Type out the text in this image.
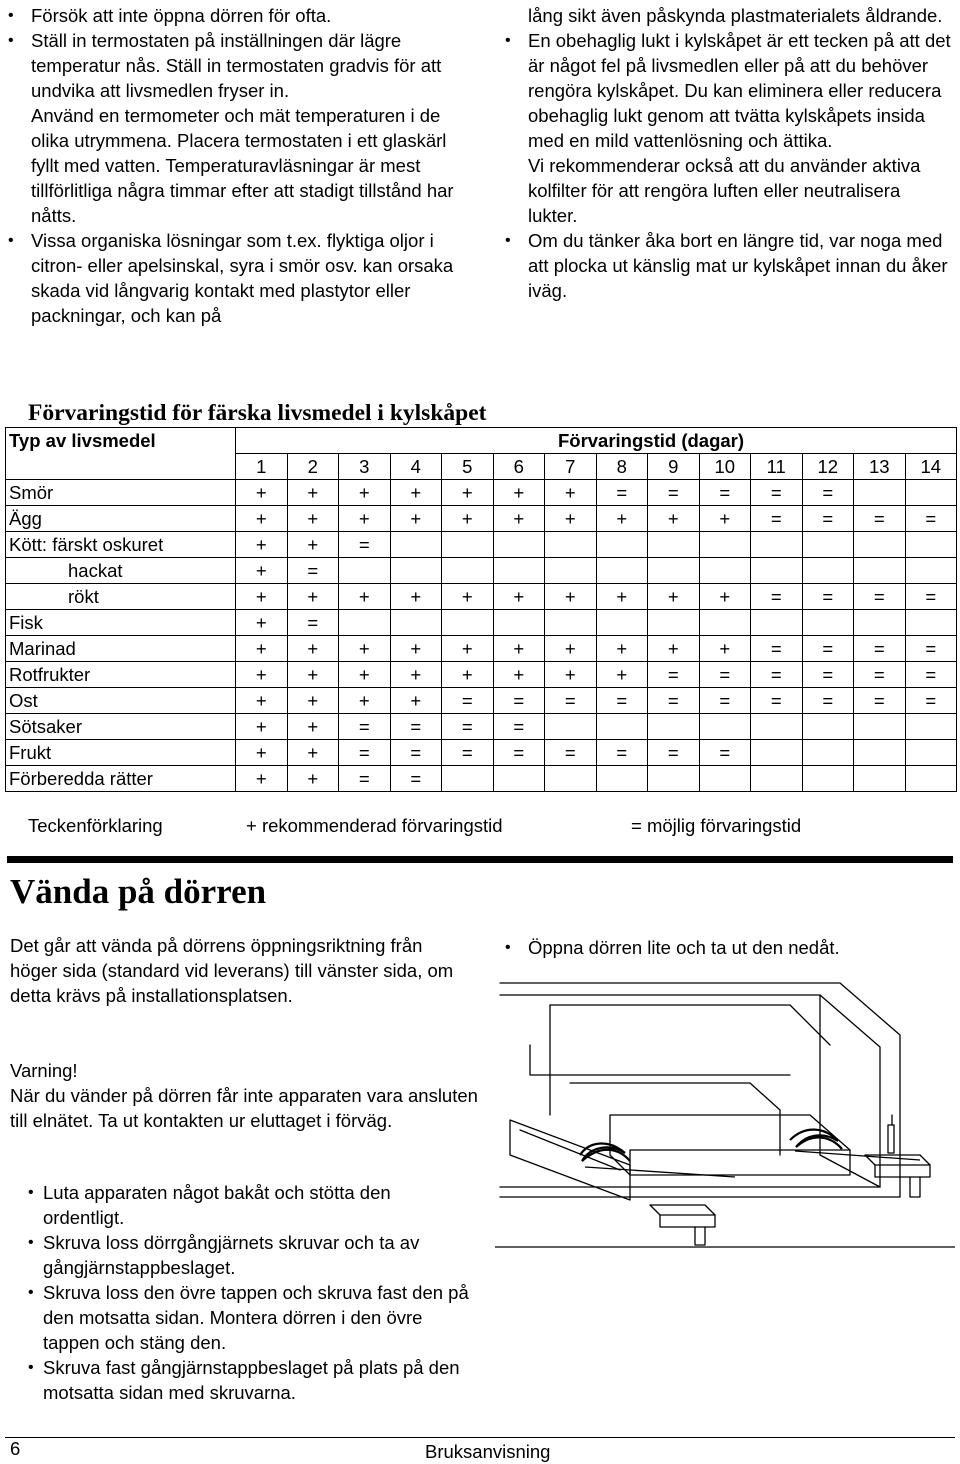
• Försök att inte öppna dörren för ofta.
• Ställ in termostaten på inställningen där lägre temperatur nås. Ställ in termostaten gradvis för att undvika att livsmedlen fryser in.
Använd en termometer och mät temperaturen i de olika utrymmena. Placera termostaten i ett glaskärl fyllt med vatten. Temperaturavläsningar är mest tillförlitliga några timmar efter att stadigt tillstånd har nåtts.
• Vissa organiska lösningar som t.ex. flyktiga oljor i citron- eller apelsinskal, syra i smör osv. kan orsaka skada vid långvarig kontakt med plastytor eller packningar, och kan på
lång sikt även påskynda plastmaterialets åldrande.
• En obehaglig lukt i kylskåpet är ett tecken på att det är något fel på livsmedlen eller på att du behöver rengöra kylskåpet. Du kan eliminera eller reducera obehaglig lukt genom att tvätta kylskåpets insida med en mild vattenlösning och ättika.
Vi rekommenderar också att du använder aktiva kolfilter för att rengöra luften eller neutralisera lukter.
• Om du tänker åka bort en längre tid, var noga med att plocka ut känslig mat ur kylskåpet innan du åker iväg.
Förvaringstid för färska livsmedel i kylskåpet
Typ av livsmedel	Förvaringstid (dagar)													
	1	2	3	4	5	6	7	8	9	10	11	12	13	14
Smör	+	+	+	+	+	+	+	=	=	=	=	=		
Ägg	+	+	+	+	+	+	+	+	+	+	=	=	=	=
Kött: färskt oskuret	+	+	=											
hackat	+	=												
rökt	+	+	+	+	+	+	+	+	+	+	=	=	=	=
Fisk	+	=												
Marinad	+	+	+	+	+	+	+	+	+	+	=	=	=	=
Rotfrukter	+	+	+	+	+	+	+	+	=	=	=	=	=	=
Ost	+	+	+	+	=	=	=	=	=	=	=	=	=	=
Sötsaker	+	+	=	=	=	=								
Frukt	+	+	=	=	=	=	=	=	=	=				
Förberedda rätter	+	+	=	=										
Teckenförklaring	+ rekommenderad förvaringstid	= möjlig förvaringstid
Vända på dörren

Det går att vända på dörrens öppningsriktning från höger sida (standard vid leverans) till vänster sida, om detta krävs på installationsplatsen.

Varning!

När du vänder på dörren får inte apparaten vara ansluten till elnätet. Ta ut kontakten ur eluttaget i förväg.

• Luta apparaten något bakåt och stötta den ordentligt.
• Skruva loss dörrgångjärnets skruvar och ta av gångjärnstappbeslaget.
• Skruva loss den övre tappen och skruva fast den på den motsatta sidan. Montera dörren i den övre tappen och stäng den.
• Skruva fast gångjärnstappbeslaget på plats på den motsatta sidan med skruvarna.
• Öppna dörren lite och ta ut den nedåt.
6	Bruksanvisning
